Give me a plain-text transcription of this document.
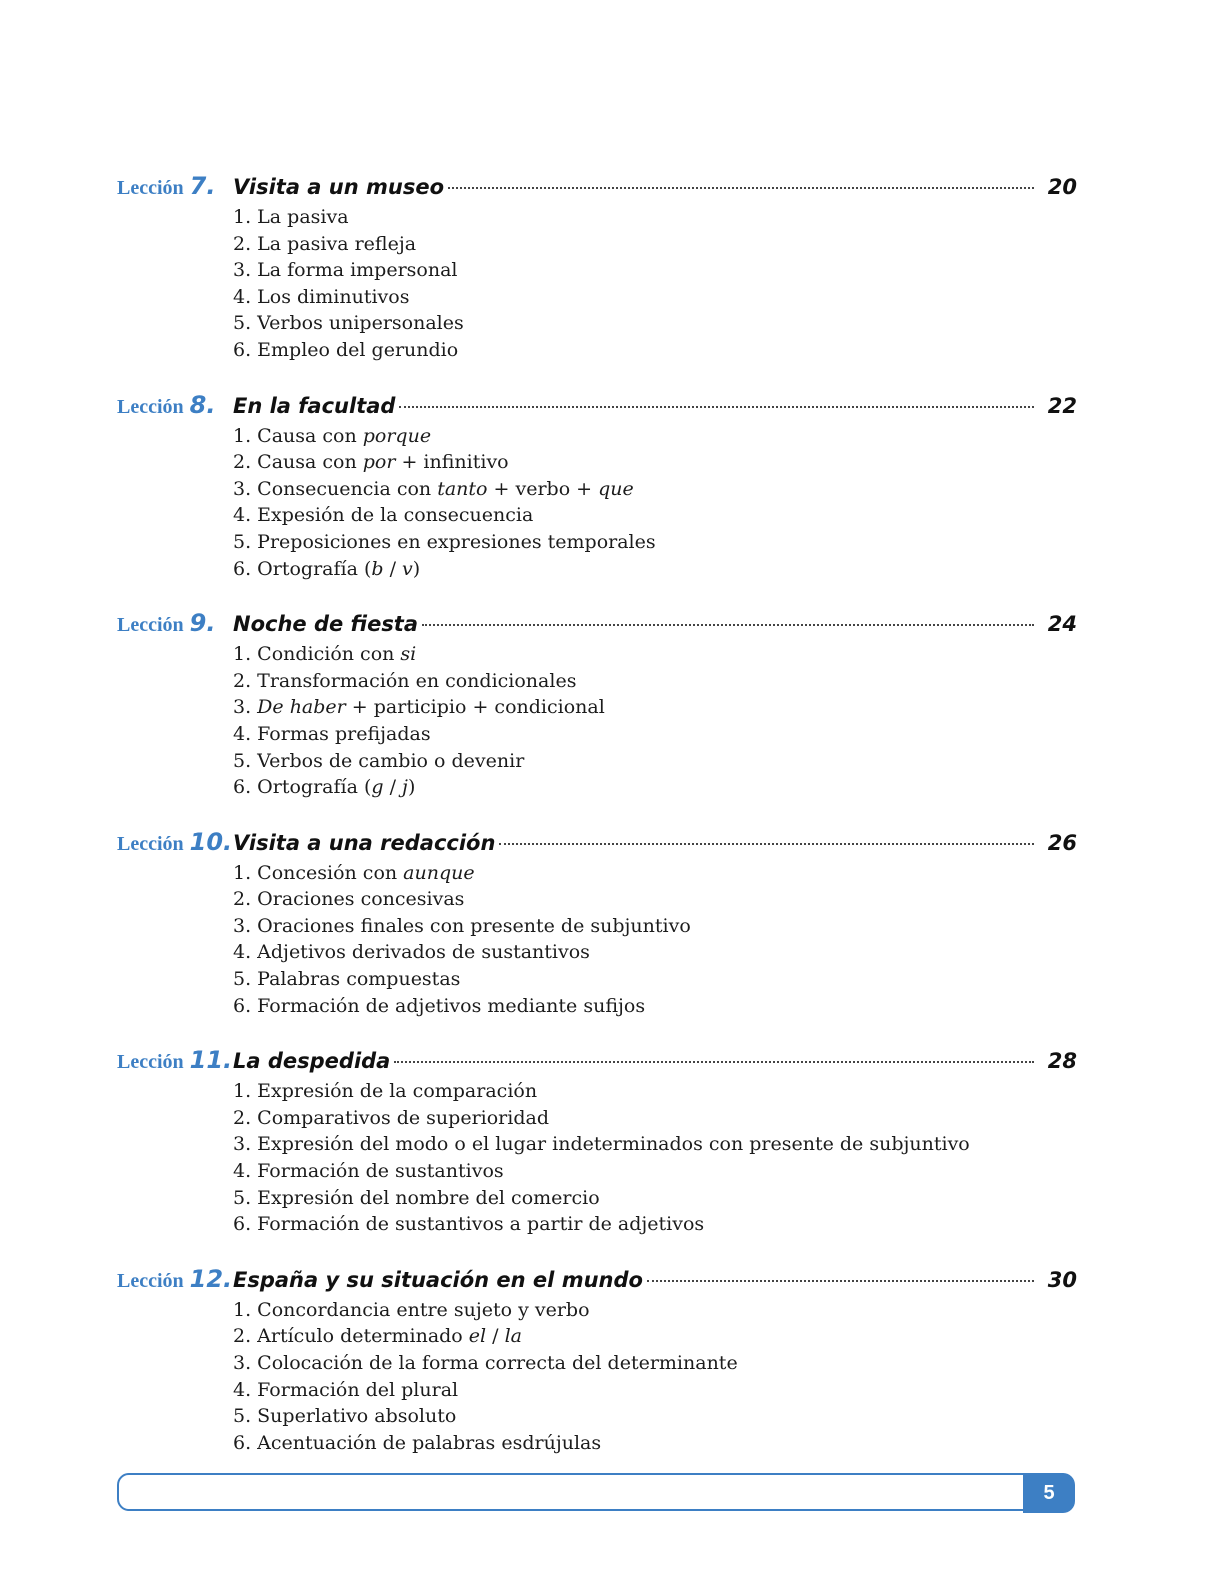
Lección 7. Visita a un museo	20
1. La pasiva
2. La pasiva refleja
3. La forma impersonal
4. Los diminutivos
5. Verbos unipersonales
6. Empleo del gerundio
Lección 8. En la facultad	22
1. Causa con porque
2. Causa con por + infinitivo
3. Consecuencia con tanto + verbo + que
4. Expesión de la consecuencia
5. Preposiciones en expresiones temporales
6. Ortografía (b / v)
Lección 9. Noche de fiesta	24
1. Condición con si
2. Transformación en condicionales
3. De haber + participio + condicional
4. Formas prefijadas
5. Verbos de cambio o devenir
6. Ortografía (g / j)
Lección 10. Visita a una redacción	26
1. Concesión con aunque
2. Oraciones concesivas
3. Oraciones finales con presente de subjuntivo
4. Adjetivos derivados de sustantivos
5. Palabras compuestas
6. Formación de adjetivos mediante sufijos
Lección 11. La despedida	28
1. Expresión de la comparación
2. Comparativos de superioridad
3. Expresión del modo o el lugar indeterminados con presente de subjuntivo
4. Formación de sustantivos
5. Expresión del nombre del comercio
6. Formación de sustantivos a partir de adjetivos
Lección 12. España y su situación en el mundo	30
1. Concordancia entre sujeto y verbo
2. Artículo determinado el / la
3. Colocación de la forma correcta del determinante
4. Formación del plural
5. Superlativo absoluto
6. Acentuación de palabras esdrújulas
5
